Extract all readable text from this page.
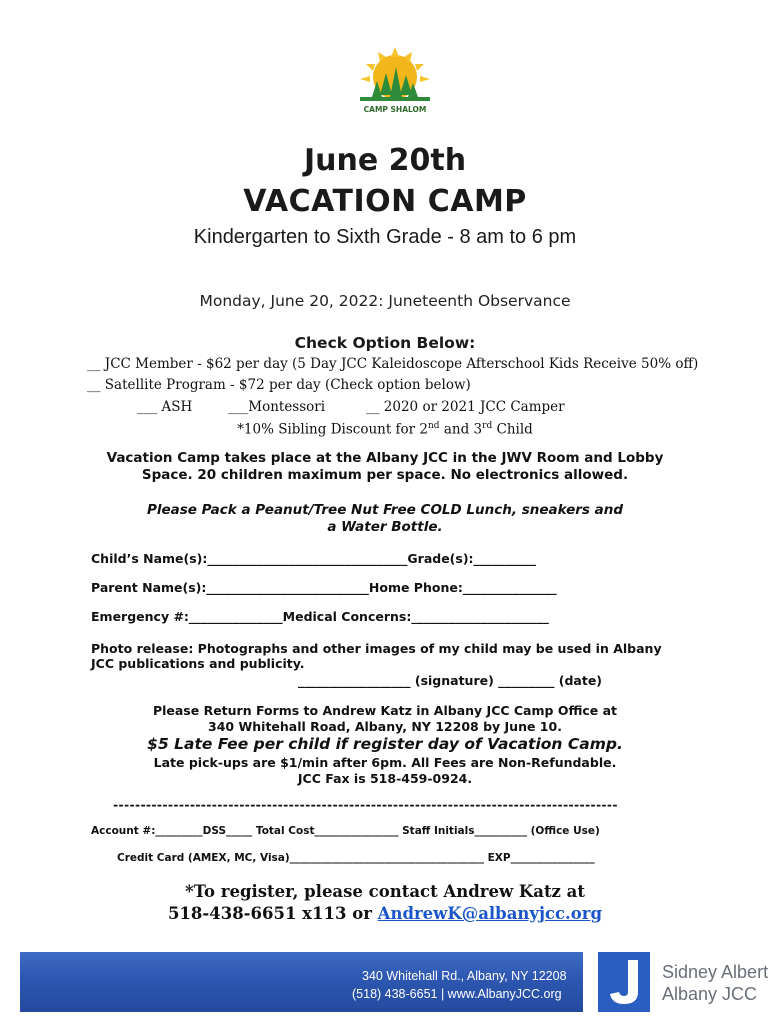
CAMP SHALOM
June 20th
VACATION CAMP
Kindergarten to Sixth Grade - 8 am to 6 pm
Monday, June 20, 2022: Juneteenth Observance
Check Option Below:
__ JCC Member - $62 per day (5 Day JCC Kaleidoscope Afterschool Kids Receive 50% off)
__ Satellite Program - $72 per day (Check option below)
___ ASH	___Montessori	__ 2020 or 2021 JCC Camper
*10% Sibling Discount for 2nd and 3rd Child
Vacation Camp takes place at the Albany JCC in the JWV Room and Lobby
Space. 20 children maximum per space. No electronics allowed.
Please Pack a Peanut/Tree Nut Free COLD Lunch, sneakers and
a Water Bottle.
Child’s Name(s):________________________________Grade(s):__________
Parent Name(s):__________________________Home Phone:_______________
Emergency #:_______________Medical Concerns:______________________
Photo release: Photographs and other images of my child may be used in Albany
JCC publications and publicity.
__________________ (signature) _________ (date)
Please Return Forms to Andrew Katz in Albany JCC Camp Office at
340 Whitehall Road, Albany, NY 12208 by June 10.
$5 Late Fee per child if register day of Vacation Camp.
Late pick-ups are $1/min after 6pm. All Fees are Non-Refundable.
JCC Fax is 518-459-0924.
--------------------------------------------------------------------------------------------
Account #:_________DSS_____ Total Cost________________ Staff Initials__________ (Office Use)
Credit Card (AMEX, MC, Visa)_____________________________________ EXP________________
*To register, please contact Andrew Katz at
518-438-6651 x113 or AndrewK@albanyjcc.org
340 Whitehall Rd., Albany, NY 12208
(518) 438-6651 | www.AlbanyJCC.org
Sidney Albert
Albany JCC
